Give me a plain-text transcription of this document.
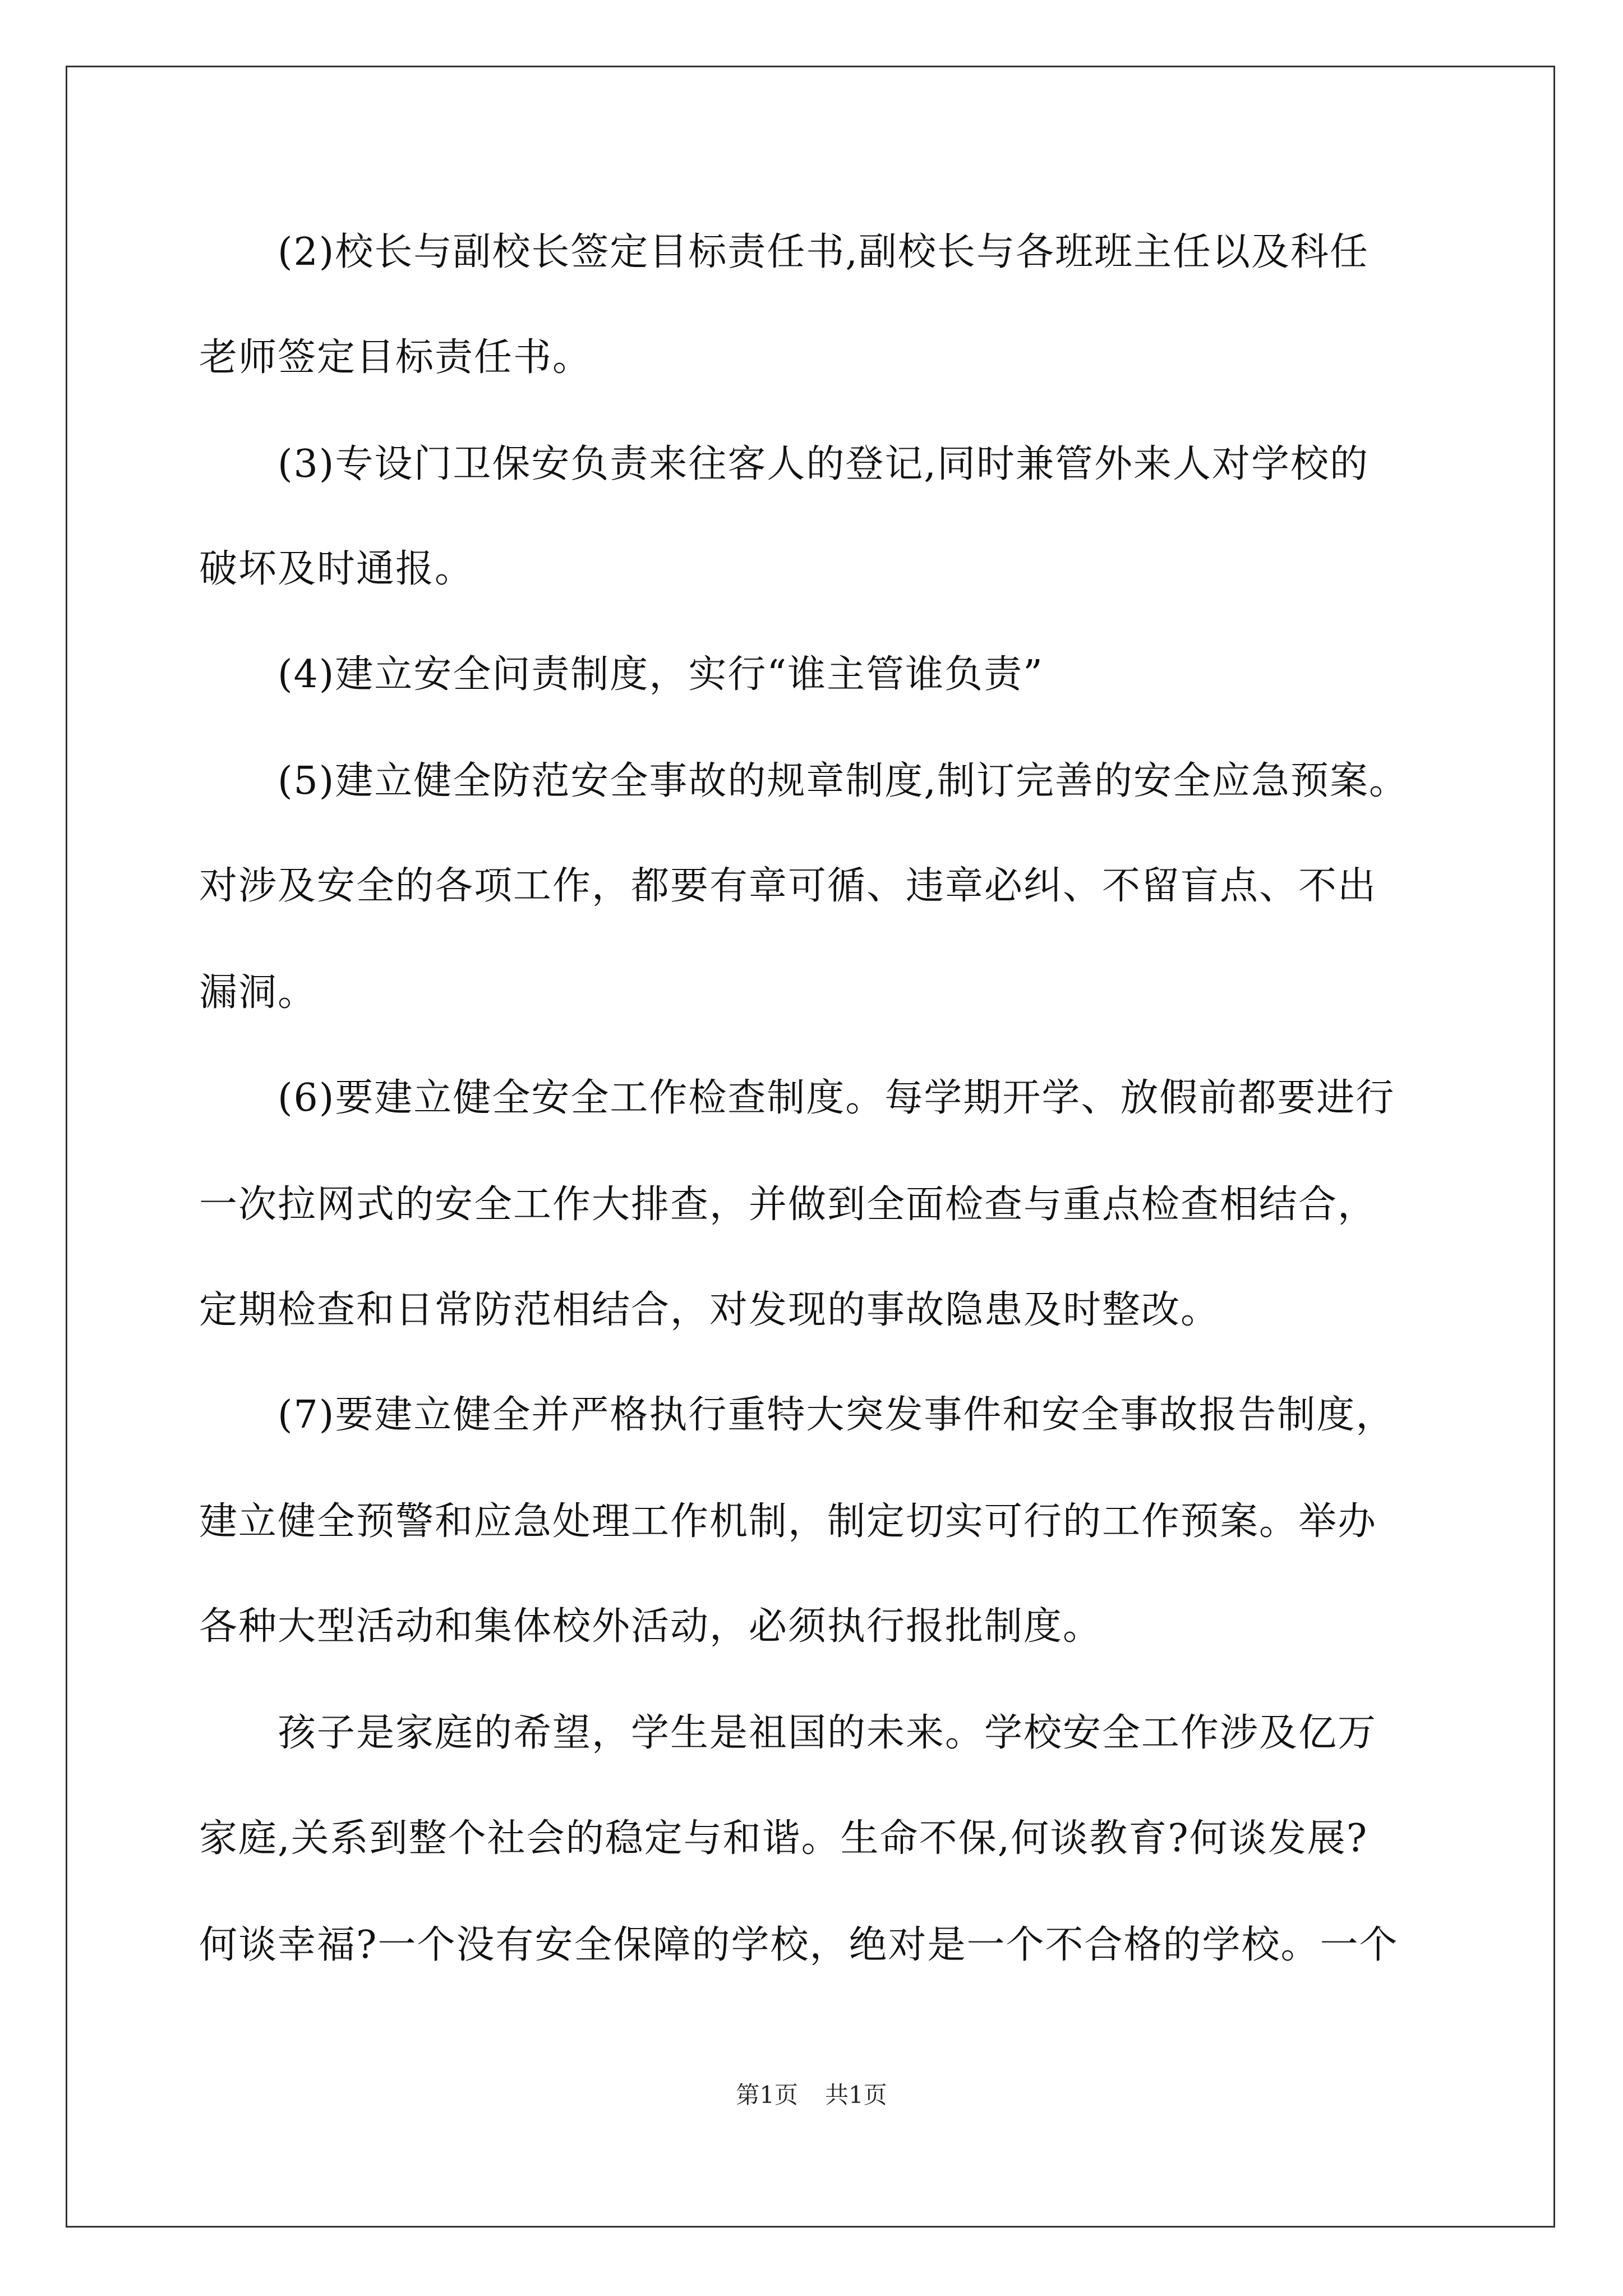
　　(2)校长与副校长签定目标责任书,副校长与各班班主任以及科任
老师签定目标责任书。
　　(3)专设门卫保安负责来往客人的登记,同时兼管外来人对学校的
破坏及时通报。
　　(4)建立安全问责制度，实行“谁主管谁负责”
　　(5)建立健全防范安全事故的规章制度,制订完善的安全应急预案。
对涉及安全的各项工作，都要有章可循、违章必纠、不留盲点、不出
漏洞。
　　(6)要建立健全安全工作检查制度。每学期开学、放假前都要进行
一次拉网式的安全工作大排查，并做到全面检查与重点检查相结合，
定期检查和日常防范相结合，对发现的事故隐患及时整改。
　　(7)要建立健全并严格执行重特大突发事件和安全事故报告制度，
建立健全预警和应急处理工作机制，制定切实可行的工作预案。举办
各种大型活动和集体校外活动，必须执行报批制度。
　　孩子是家庭的希望，学生是祖国的未来。学校安全工作涉及亿万
家庭,关系到整个社会的稳定与和谐。生命不保,何谈教育?何谈发展?
何谈幸福?一个没有安全保障的学校，绝对是一个不合格的学校。一个
第1页 共1页
